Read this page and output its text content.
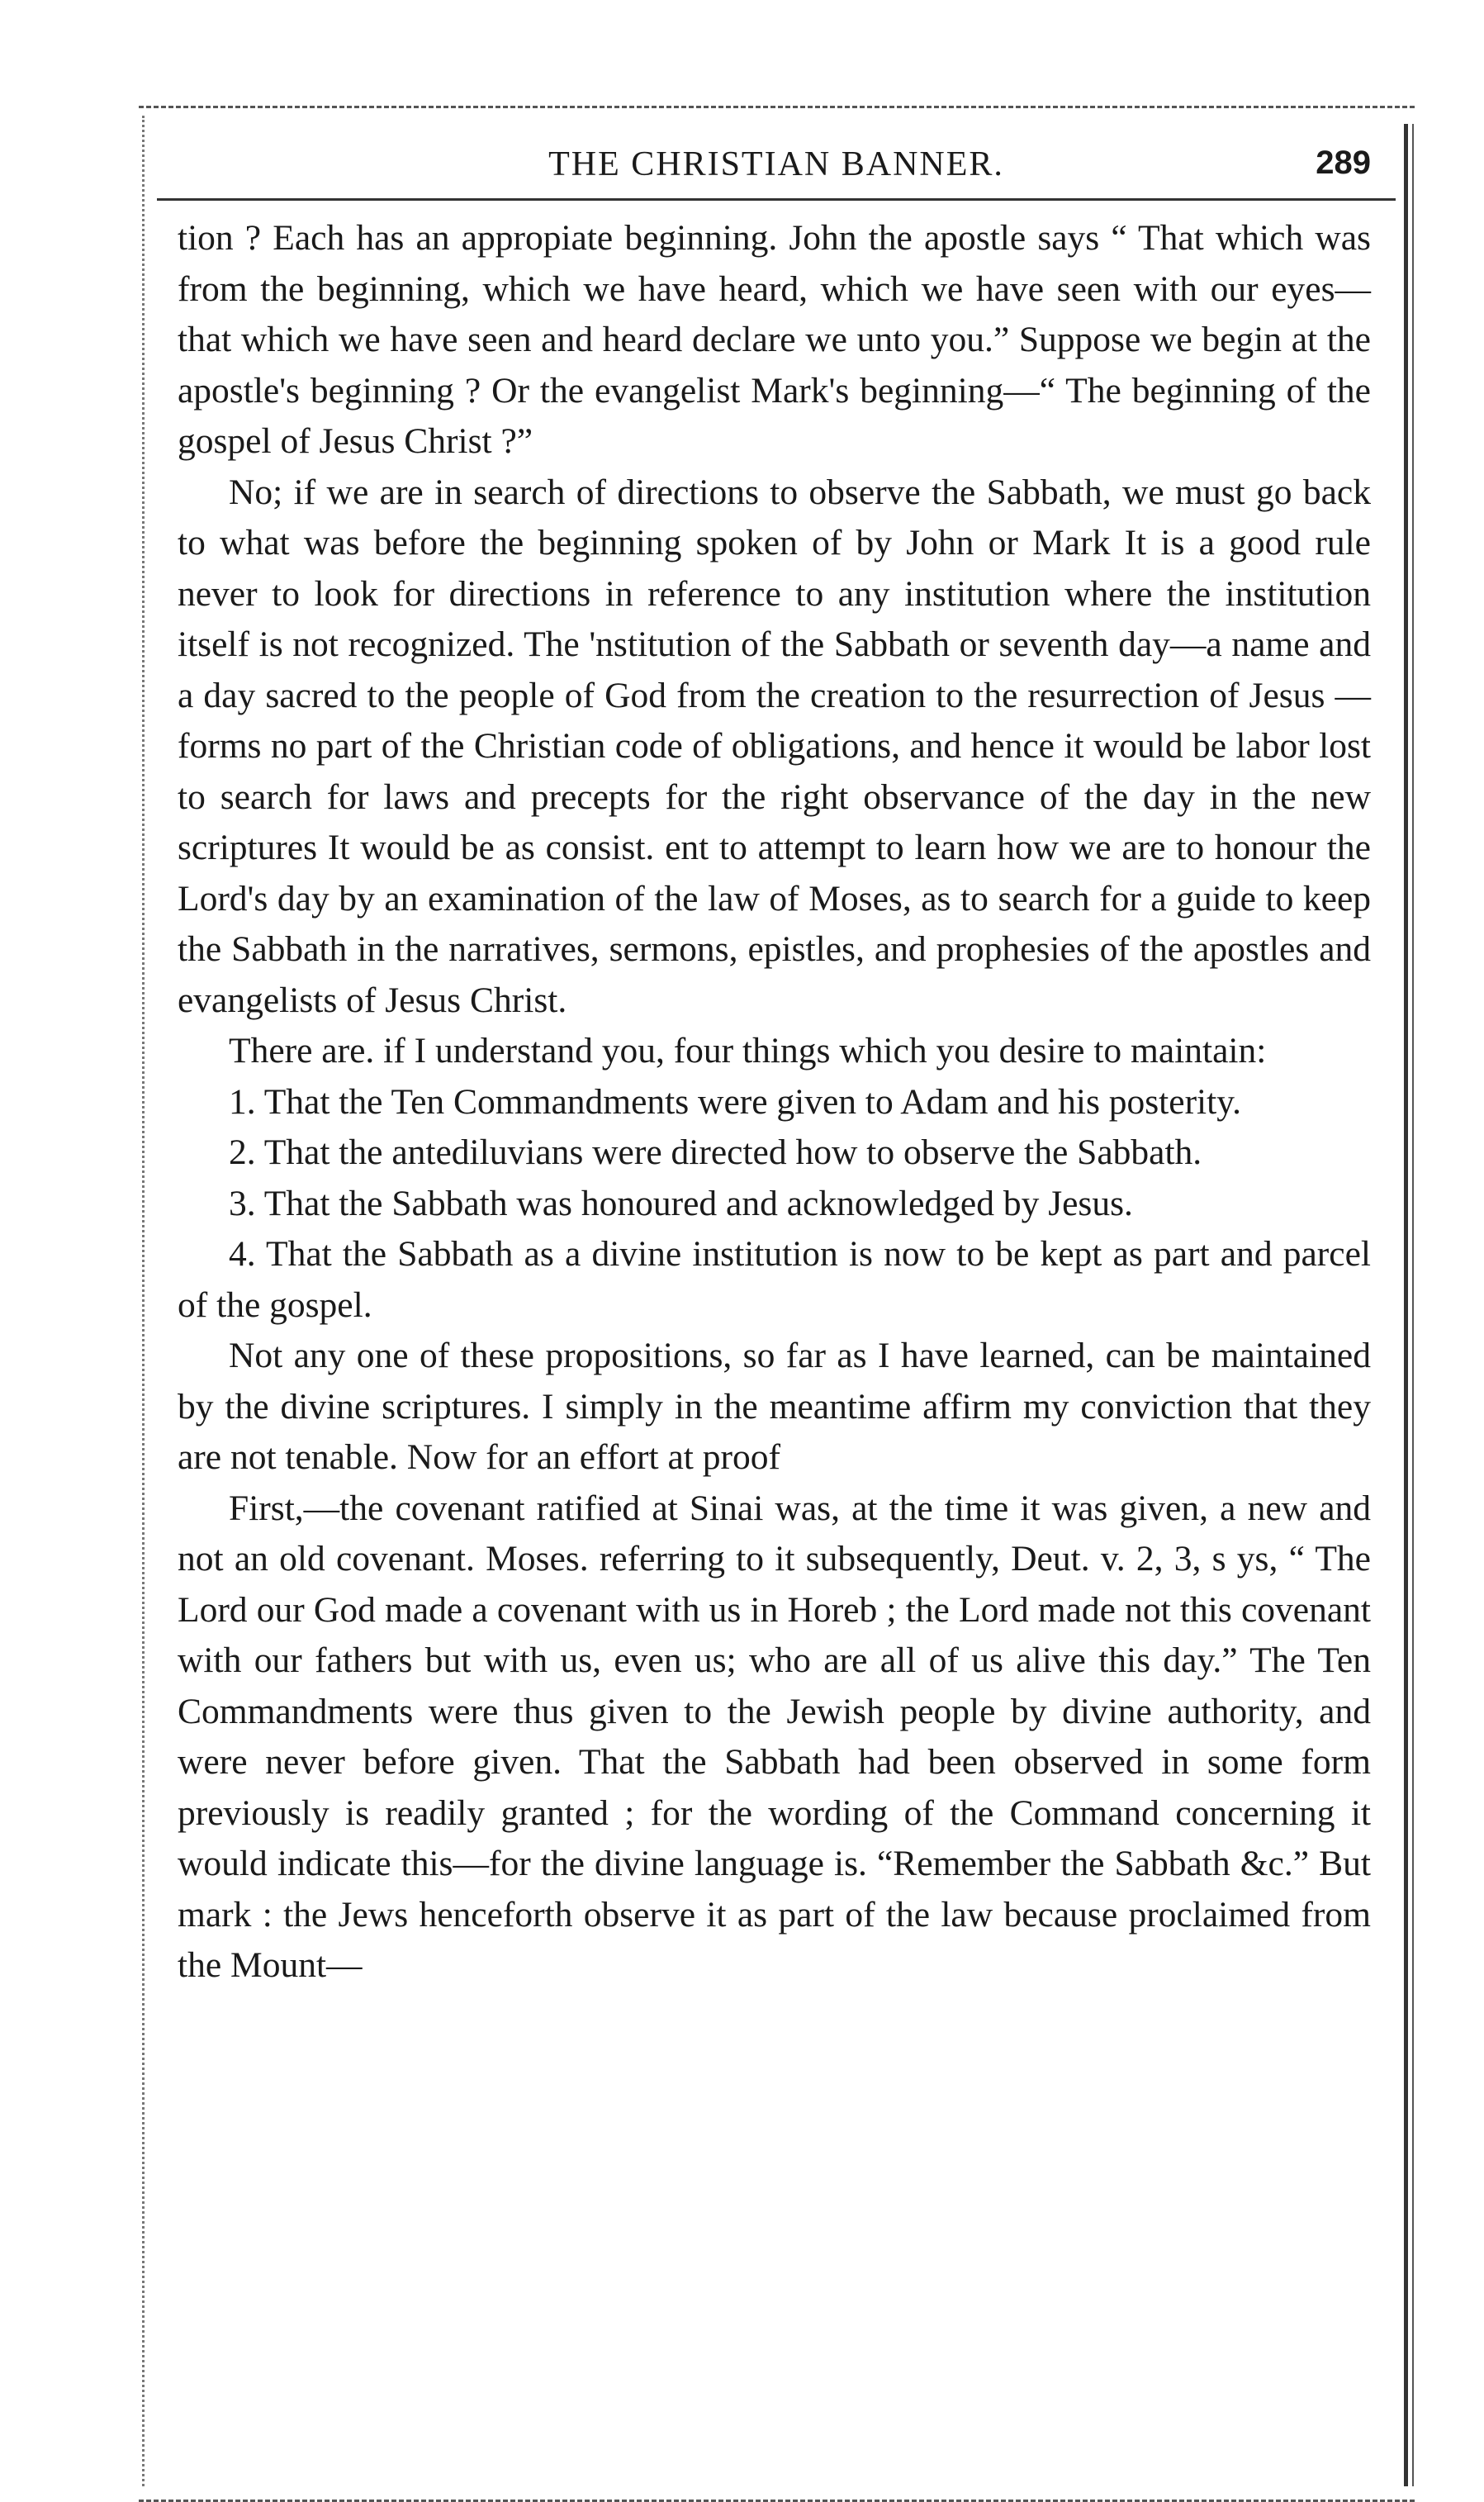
THE CHRISTIAN BANNER.	289

tion ? Each has an appropiate beginning. John the apostle says “ That which was from the beginning, which we have heard, which we have seen with our eyes—that which we have seen and heard declare we unto you.” Suppose we begin at the apostle's beginning ? Or the evangelist Mark's beginning—“ The beginning of the gospel of Jesus Christ ?”

No; if we are in search of directions to observe the Sabbath, we must go back to what was before the beginning spoken of by John or Mark It is a good rule never to look for directions in reference to any institution where the institution itself is not recognized. The 'nstitution of the Sabbath or seventh day—a name and a day sacred to the people of God from the creation to the resurrection of Jesus —forms no part of the Christian code of obligations, and hence it would be labor lost to search for laws and precepts for the right observance of the day in the new scriptures It would be as consist. ent to attempt to learn how we are to honour the Lord's day by an examination of the law of Moses, as to search for a guide to keep the Sabbath in the narratives, sermons, epistles, and prophesies of the apostles and evangelists of Jesus Christ.

There are. if I understand you, four things which you desire to maintain:

1. That the Ten Commandments were given to Adam and his posterity.

2. That the antediluvians were directed how to observe the Sabbath.

3. That the Sabbath was honoured and acknowledged by Jesus.

4. That the Sabbath as a divine institution is now to be kept as part and parcel of the gospel.

Not any one of these propositions, so far as I have learned, can be maintained by the divine scriptures. I simply in the meantime affirm my conviction that they are not tenable. Now for an effort at proof

First,—the covenant ratified at Sinai was, at the time it was given, a new and not an old covenant. Moses. referring to it subsequently, Deut. v. 2, 3, s ys, “ The Lord our God made a covenant with us in Horeb ; the Lord made not this covenant with our fathers but with us, even us; who are all of us alive this day.” The Ten Commandments were thus given to the Jewish people by divine authority, and were never before given. That the Sabbath had been observed in some form previously is readily granted ; for the wording of the Command concerning it would indicate this—for the divine language is. “Remember the Sabbath &c.” But mark : the Jews henceforth observe it as part of the law because proclaimed from the Mount—
